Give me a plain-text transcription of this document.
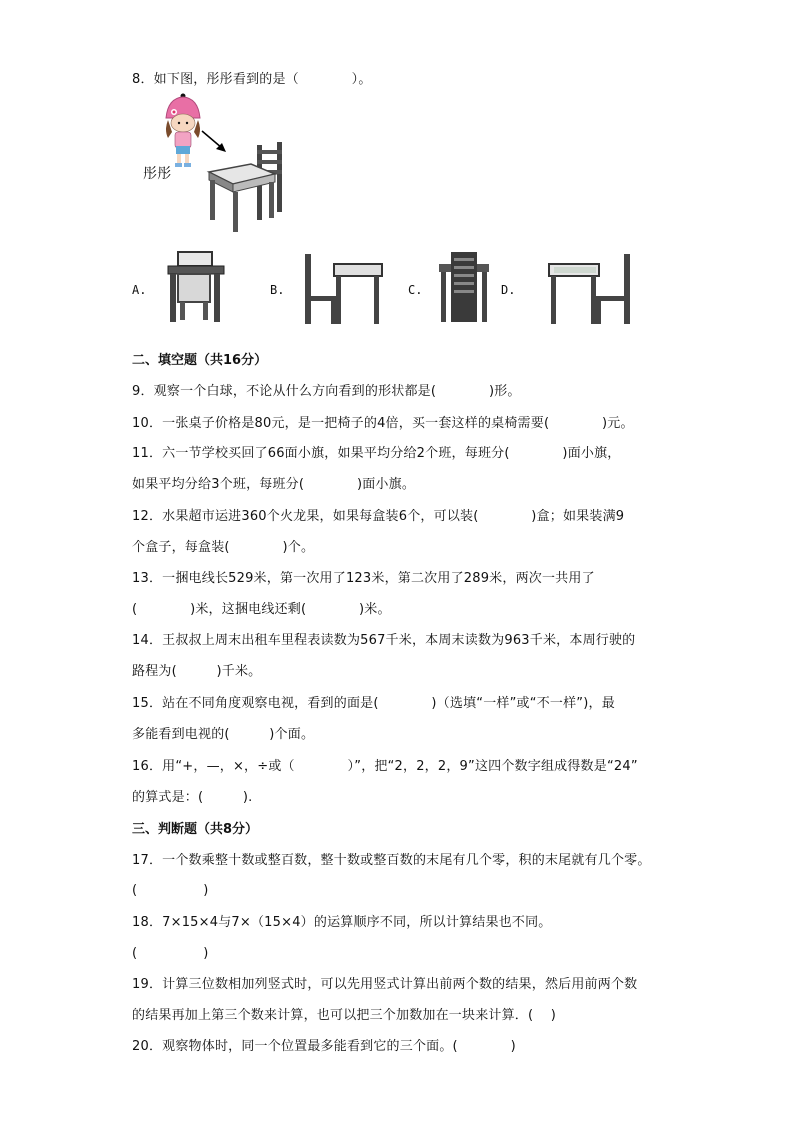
8．如下图，彤彤看到的是（　　　　）。
彤彤
A.	B.	C.	D.
二、填空题（共16分）
9．观察一个白球，不论从什么方向看到的形状都是(　　　　)形。
10．一张桌子价格是80元，是一把椅子的4倍，买一套这样的桌椅需要(　　　　)元。
11．六一节学校买回了66面小旗，如果平均分给2个班，每班分(　　　　)面小旗，
如果平均分给3个班，每班分(　　　　)面小旗。
12．水果超市运进360个火龙果，如果每盒装6个，可以装(　　　　)盒；如果装满9
个盒子，每盒装(　　　　)个。
13．一捆电线长529米，第一次用了123米，第二次用了289米，两次一共用了
(　　　　)米，这捆电线还剩(　　　　)米。
14．王叔叔上周末出租车里程表读数为567千米，本周末读数为963千米，本周行驶的
路程为(　　　)千米。
15．站在不同角度观察电视，看到的面是(　　　　)（选填“一样”或“不一样”)，最
多能看到电视的(　　　)个面。
16．用“+，—，×，÷或（　　　　）”，把“2，2，2，9”这四个数字组成得数是“24”
的算式是：(　　　).
三、判断题（共8分）
17．一个数乘整十数或整百数，整十数或整百数的末尾有几个零，积的末尾就有几个零。
(　　　　　)
18．7×15×4与7×（15×4）的运算顺序不同，所以计算结果也不同。
(　　　　　)
19．计算三位数相加列竖式时，可以先用竖式计算出前两个数的结果，然后用前两个数
的结果再加上第三个数来计算，也可以把三个加数加在一块来计算．(　 )
20．观察物体时，同一个位置最多能看到它的三个面。(　　　　)
